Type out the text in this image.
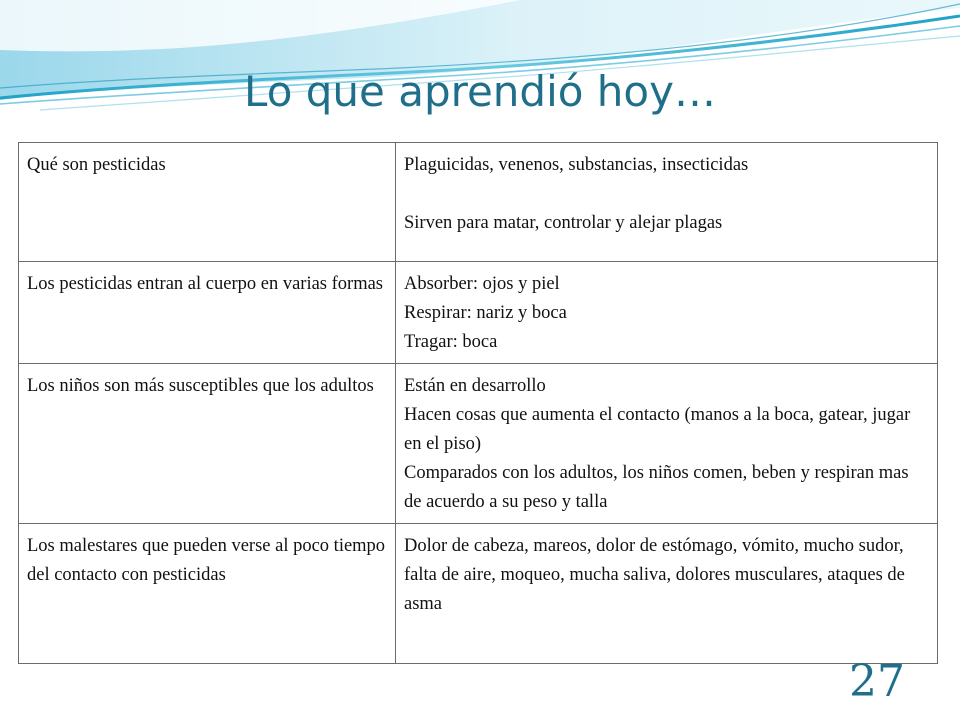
Lo que aprendió hoy…
Qué son pesticidas	Plaguicidas, venenos, substancias, insecticidas
Sirven para matar, controlar y alejar plagas

Los pesticidas entran al cuerpo en varias formas	Absorber: ojos y piel
Respirar: nariz y boca
Tragar: boca

Los niños son más susceptibles que los adultos	Están en desarrollo
Hacen cosas que aumenta el contacto (manos a la boca, gatear, jugar en el piso)
Comparados con los adultos, los niños comen, beben y respiran mas de acuerdo a su peso y talla

Los malestares que pueden verse al poco tiempo del contacto con pesticidas	Dolor de cabeza, mareos, dolor de estómago, vómito, mucho sudor, falta de aire, moqueo, mucha saliva, dolores musculares, ataques de asma
27
